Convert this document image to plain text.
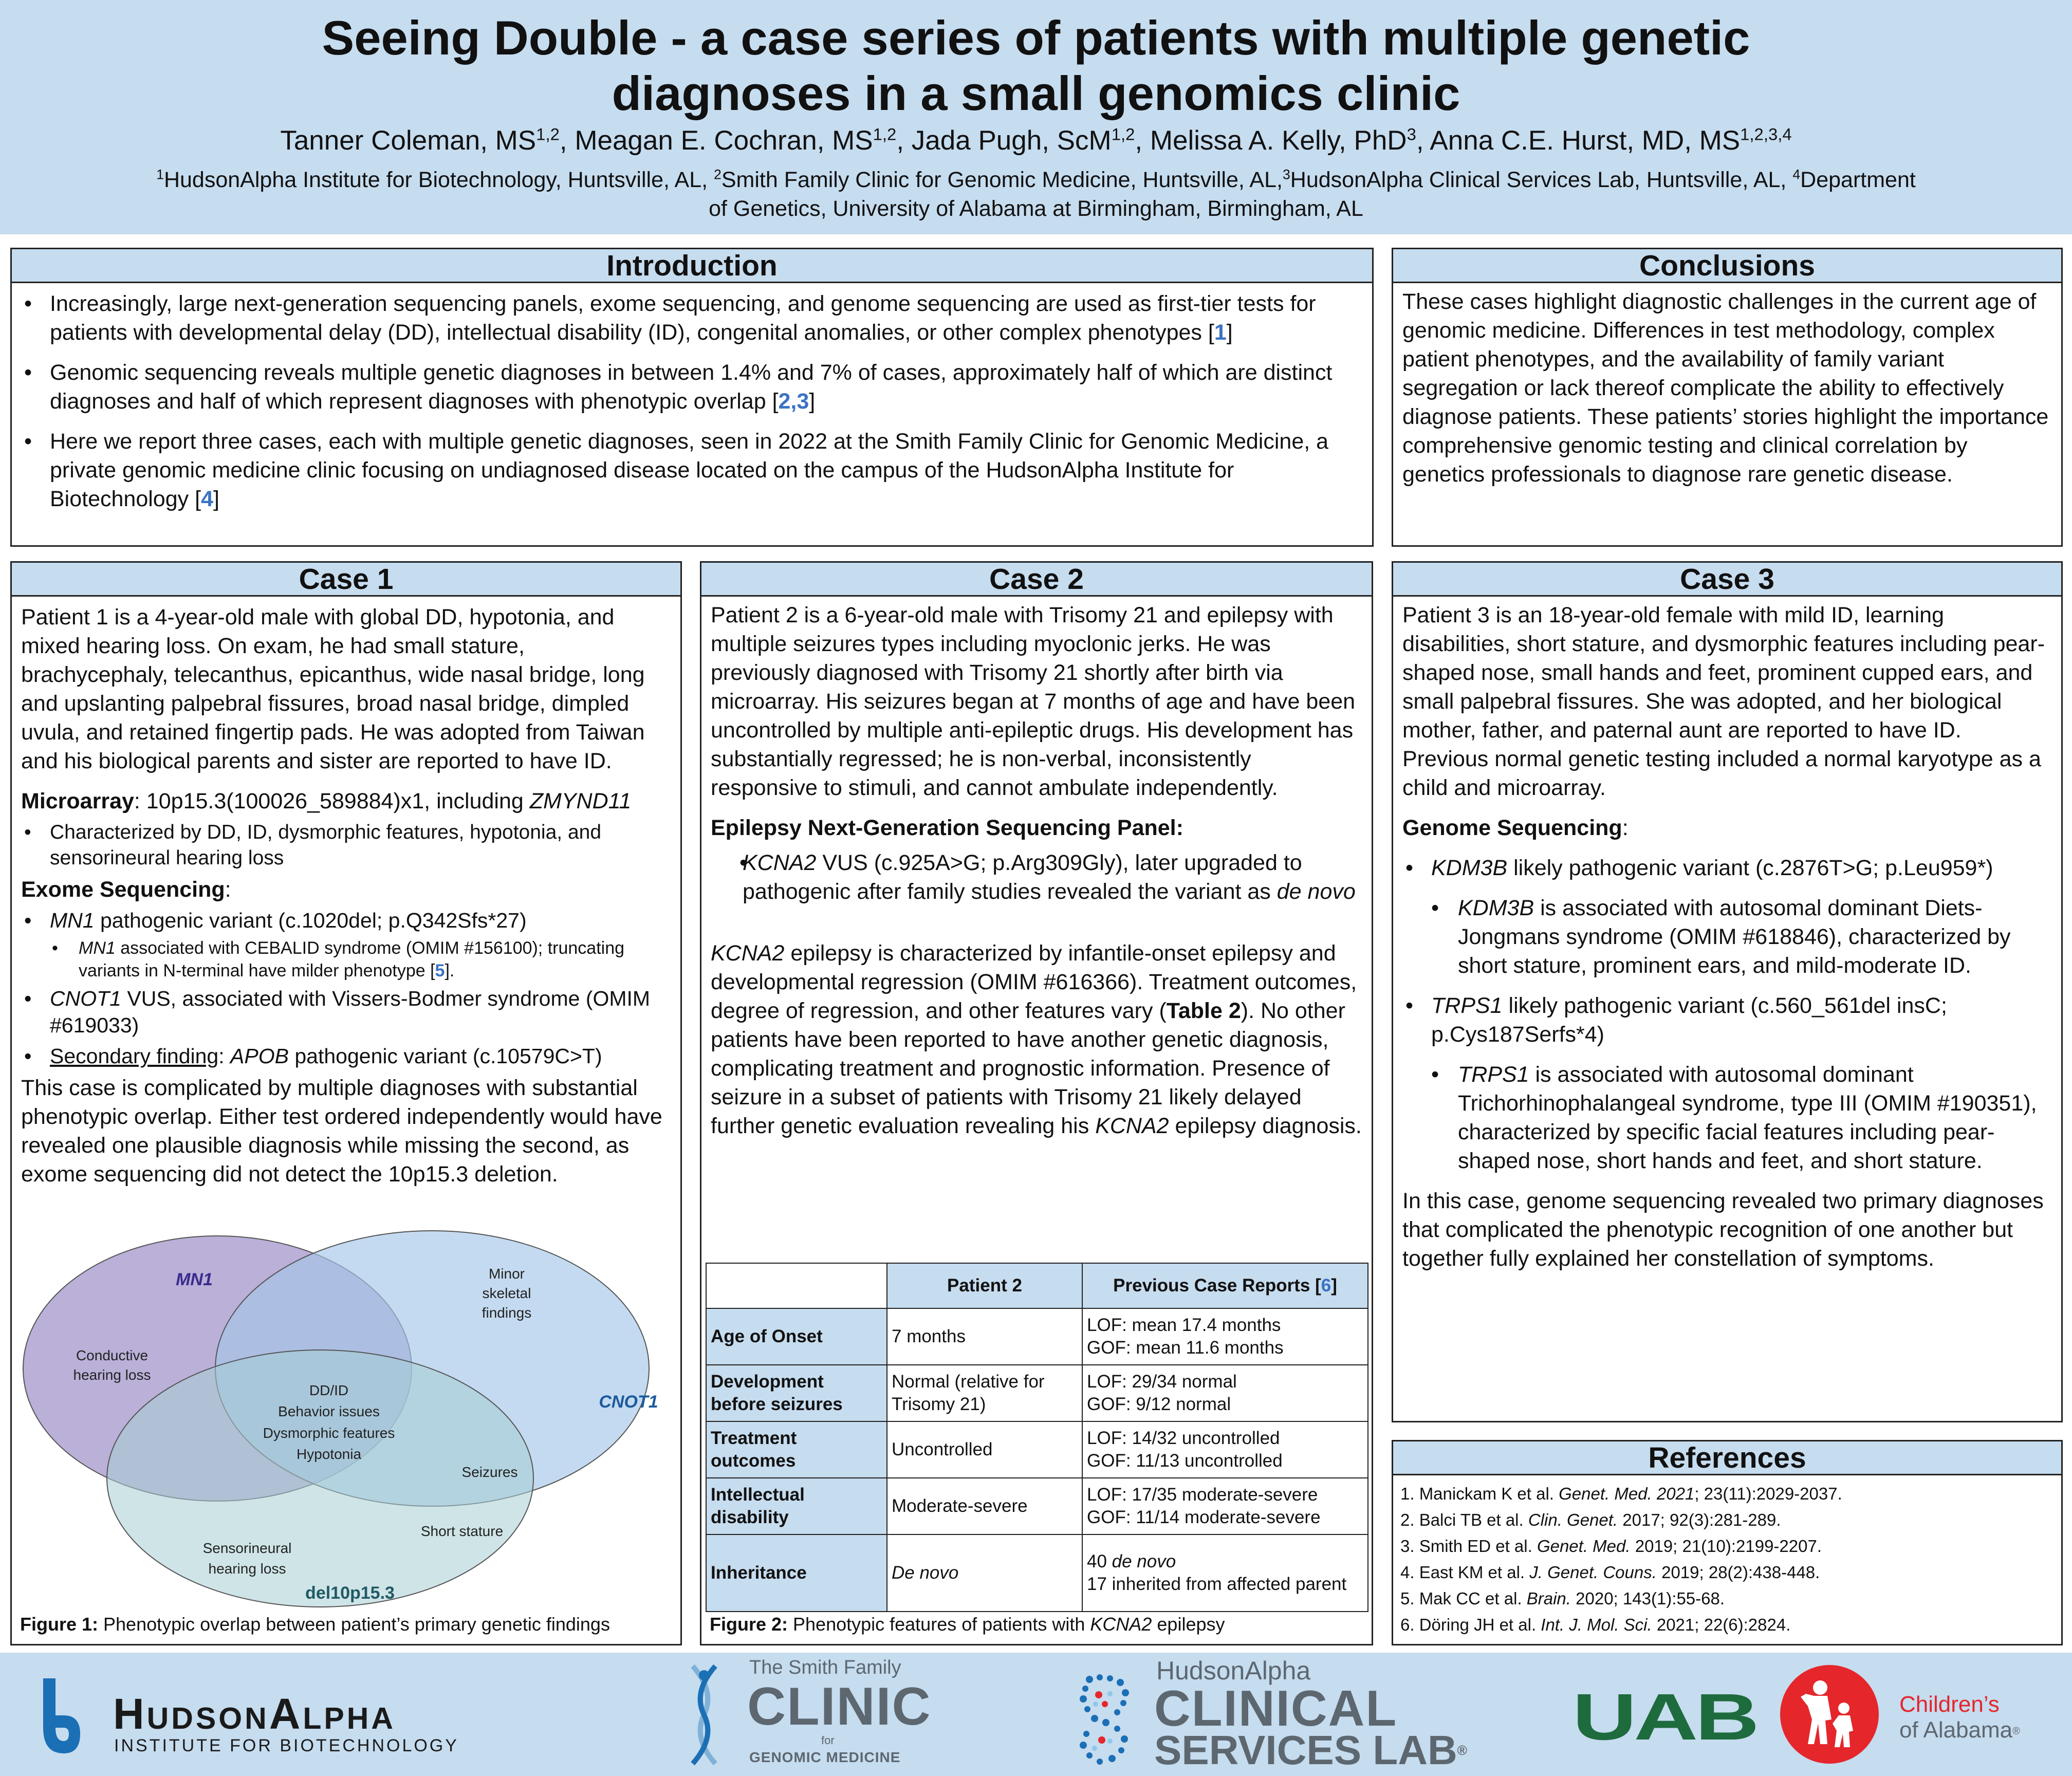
Seeing Double - a case series of patients with multiple genetic
diagnoses in a small genomics clinic
Tanner Coleman, MS$^{1,2}$, Meagan E. Cochran, MS$^{1,2}$, Jada Pugh, ScM$^{1,2}$, Melissa A. Kelly, PhD$^3$, Anna C.E. Hurst, MD, MS$^{1,2,3,4}$
$^1$HudsonAlpha Institute for Biotechnology, Huntsville, AL, $^2$Smith Family Clinic for Genomic Medicine, Huntsville, AL,$^3$HudsonAlpha Clinical Services Lab, Huntsville, AL, $^4$Department of Genetics, University of Alabama at Birmingham, Birmingham, AL
Introduction
• Increasingly, large next-generation sequencing panels, exome sequencing, and genome sequencing are used as first-tier tests for patients with developmental delay (DD), intellectual disability (ID), congenital anomalies, or other complex phenotypes [1]
• Genomic sequencing reveals multiple genetic diagnoses in between 1.4% and 7% of cases, approximately half of which are distinct diagnoses and half of which represent diagnoses with phenotypic overlap [2,3]
• Here we report three cases, each with multiple genetic diagnoses, seen in 2022 at the Smith Family Clinic for Genomic Medicine, a private genomic medicine clinic focusing on undiagnosed disease located on the campus of the HudsonAlpha Institute for Biotechnology [4]
Conclusions
These cases highlight diagnostic challenges in the current age of genomic medicine. Differences in test methodology, complex patient phenotypes, and the availability of family variant segregation or lack thereof complicate the ability to effectively diagnose patients. These patients’ stories highlight the importance comprehensive genomic testing and clinical correlation by genetics professionals to diagnose rare genetic disease.
Case 1
Patient 1 is a 4-year-old male with global DD, hypotonia, and mixed hearing loss. On exam, he had small stature, brachycephaly, telecanthus, epicanthus, wide nasal bridge, long and upslanting palpebral fissures, broad nasal bridge, dimpled uvula, and retained fingertip pads. He was adopted from Taiwan and his biological parents and sister are reported to have ID.
Microarray: 10p15.3(100026_589884)x1, including ZMYND11
• Characterized by DD, ID, dysmorphic features, hypotonia, and sensorineural hearing loss
Exome Sequencing:
• MN1 pathogenic variant (c.1020del; p.Q342Sfs*27)
• MN1 associated with CEBALID syndrome (OMIM #156100); truncating variants in N-terminal have milder phenotype [5].
• CNOT1 VUS, associated with Vissers-Bodmer syndrome (OMIM #619033)
• Secondary finding: APOB pathogenic variant (c.10579C>T)
This case is complicated by multiple diagnoses with substantial phenotypic overlap. Either test ordered independently would have revealed one plausible diagnosis while missing the second, as exome sequencing did not detect the 10p15.3 deletion.
MN1
CNOT1
del10p15.3
Conductive
hearing loss
Minor
skeletal
findings
DD/ID
Behavior issues
Dysmorphic features
Hypotonia
Seizures
Short stature
Sensorineural
hearing loss
Figure 1: Phenotypic overlap between patient’s primary genetic findings
Case 2
Patient 2 is a 6-year-old male with Trisomy 21 and epilepsy with multiple seizures types including myoclonic jerks. He was previously diagnosed with Trisomy 21 shortly after birth via microarray. His seizures began at 7 months of age and have been uncontrolled by multiple anti-epileptic drugs. His development has substantially regressed; he is non-verbal, inconsistently responsive to stimuli, and cannot ambulate independently.
Epilepsy Next-Generation Sequencing Panel:
• KCNA2 VUS (c.925A>G; p.Arg309Gly), later upgraded to pathogenic after family studies revealed the variant as de novo
KCNA2 epilepsy is characterized by infantile-onset epilepsy and developmental regression (OMIM #616366). Treatment outcomes, degree of regression, and other features vary (Table 2). No other patients have been reported to have another genetic diagnosis, complicating treatment and prognostic information. Presence of seizure in a subset of patients with Trisomy 21 likely delayed further genetic evaluation revealing his KCNA2 epilepsy diagnosis.
	Patient 2	Previous Case Reports [6]
Age of Onset	7 months	LOF: mean 17.4 months
GOF: mean 11.6 months

Development before seizures	Normal (relative for Trisomy 21)	LOF: 29/34 normal
GOF: 9/12 normal

Treatment outcomes	Uncontrolled	LOF: 14/32 uncontrolled
GOF: 11/13 uncontrolled

Intellectual disability	Moderate-severe	LOF: 17/35 moderate-severe
GOF: 11/14 moderate-severe

Inheritance	De novo	40 de novo
17 inherited from affected parent
Figure 2: Phenotypic features of patients with KCNA2 epilepsy
Case 3
Patient 3 is an 18-year-old female with mild ID, learning disabilities, short stature, and dysmorphic features including pear-shaped nose, small hands and feet, prominent cupped ears, and small palpebral fissures. She was adopted, and her biological mother, father, and paternal aunt are reported to have ID. Previous normal genetic testing included a normal karyotype as a child and microarray.
Genome Sequencing:
• KDM3B likely pathogenic variant (c.2876T>G; p.Leu959*)
• KDM3B is associated with autosomal dominant Diets-Jongmans syndrome (OMIM #618846), characterized by short stature, prominent ears, and mild-moderate ID.
• TRPS1 likely pathogenic variant (c.560_561del insC; p.Cys187Serfs*4)
• TRPS1 is associated with autosomal dominant Trichorhinophalangeal syndrome, type III (OMIM #190351), characterized by specific facial features including pear-shaped nose, short hands and feet, and short stature.
In this case, genome sequencing revealed two primary diagnoses that complicated the phenotypic recognition of one another but together fully explained her constellation of symptoms.
References
1. Manickam K et al. Genet. Med. 2021; 23(11):2029-2037.
2. Balci TB et al. Clin. Genet. 2017; 92(3):281-289.
3. Smith ED et al. Genet. Med. 2019; 21(10):2199-2207.
4. East KM et al. J. Genet. Couns. 2019; 28(2):438-448.
5. Mak CC et al. Brain. 2020; 143(1):55-68.
6. Döring JH et al. Int. J. Mol. Sci. 2021; 22(6):2824.
HudsonAlpha
INSTITUTE FOR BIOTECHNOLOGY
The Smith Family
CLINIC
for
GENOMIC MEDICINE
HudsonAlpha
CLINICAL
SERVICES LAB® UAB	Children’s
of Alabama®
